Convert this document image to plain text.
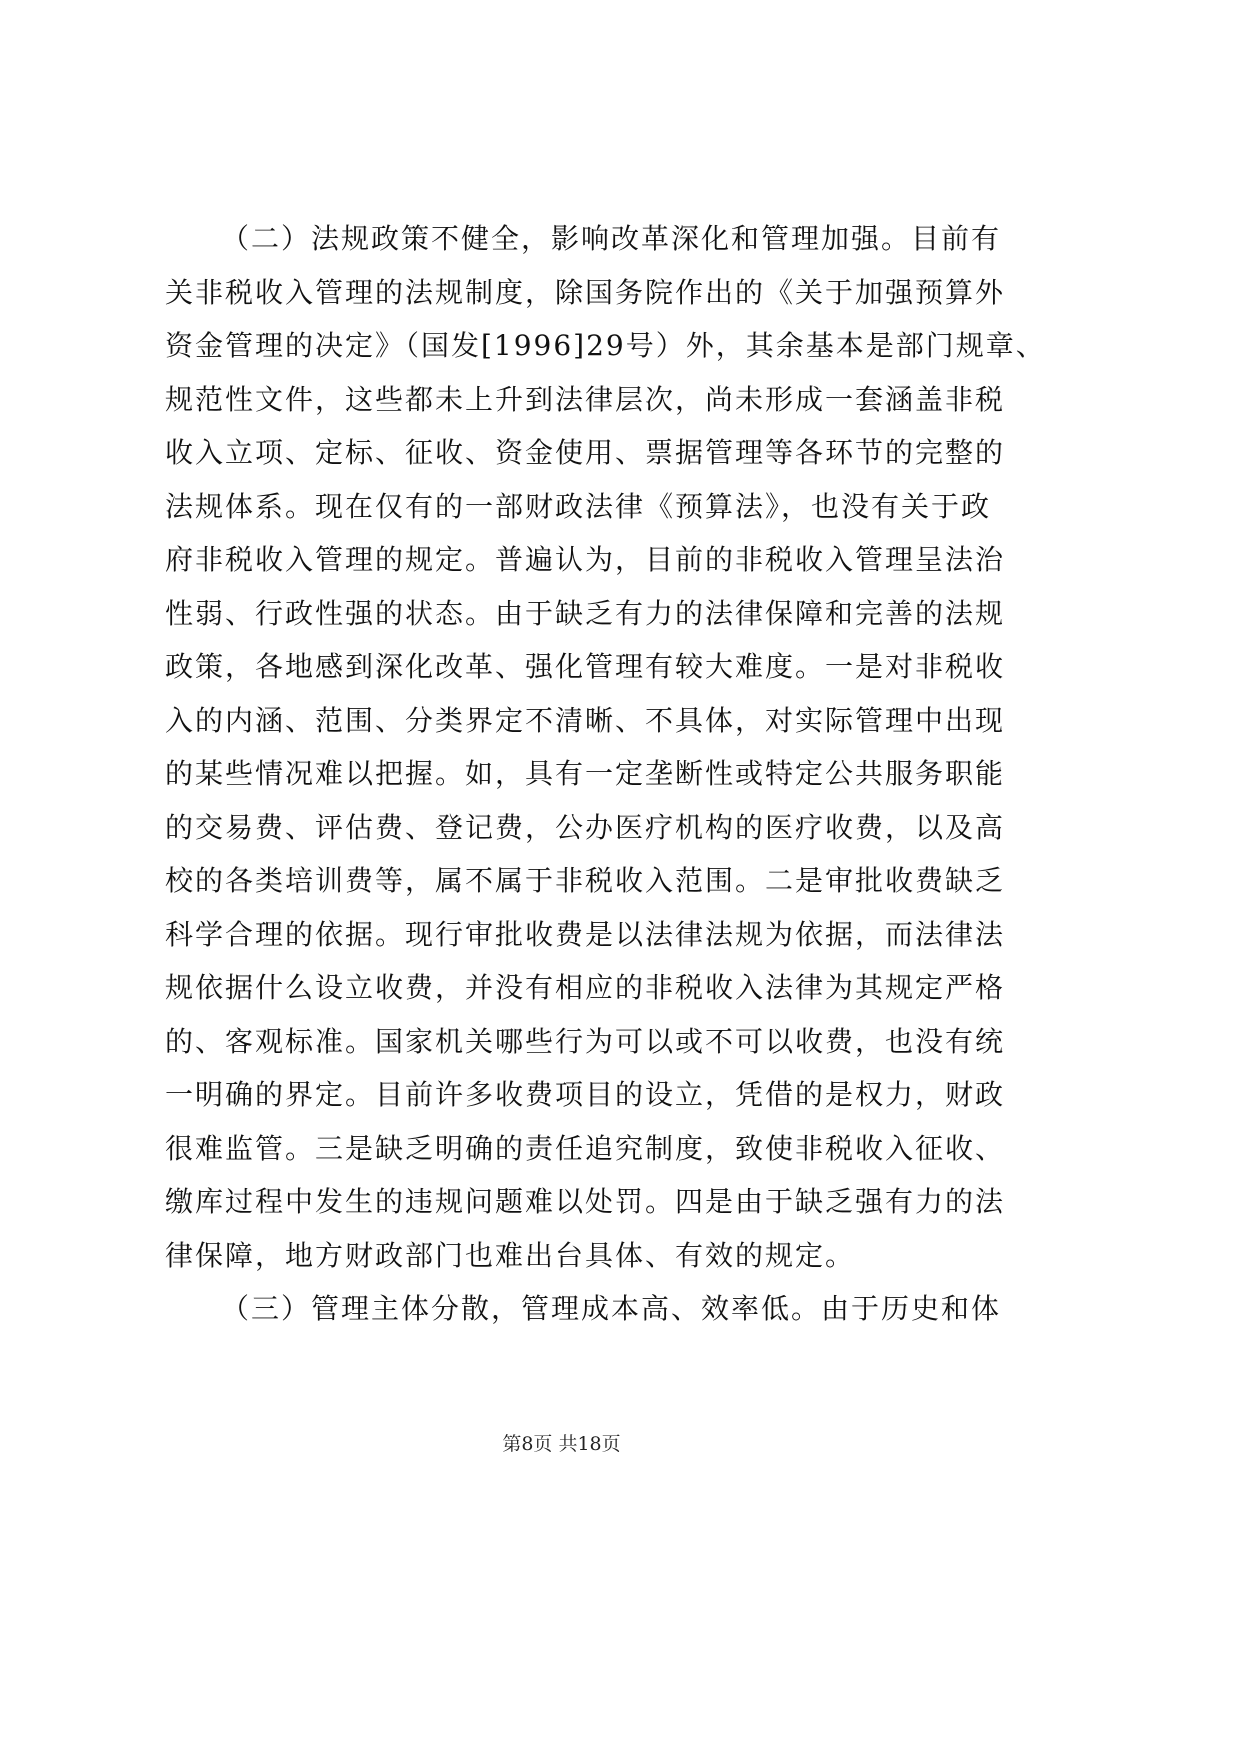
（二）法规政策不健全，影响改革深化和管理加强。目前有
关非税收入管理的法规制度，除国务院作出的《关于加强预算外
资金管理的决定》（国发[1996]29号）外，其余基本是部门规章、
规范性文件，这些都未上升到法律层次，尚未形成一套涵盖非税
收入立项、定标、征收、资金使用、票据管理等各环节的完整的
法规体系。现在仅有的一部财政法律《预算法》，也没有关于政
府非税收入管理的规定。普遍认为，目前的非税收入管理呈法治
性弱、行政性强的状态。由于缺乏有力的法律保障和完善的法规
政策，各地感到深化改革、强化管理有较大难度。一是对非税收
入的内涵、范围、分类界定不清晰、不具体，对实际管理中出现
的某些情况难以把握。如，具有一定垄断性或特定公共服务职能
的交易费、评估费、登记费，公办医疗机构的医疗收费，以及高
校的各类培训费等，属不属于非税收入范围。二是审批收费缺乏
科学合理的依据。现行审批收费是以法律法规为依据，而法律法
规依据什么设立收费，并没有相应的非税收入法律为其规定严格
的、客观标准。国家机关哪些行为可以或不可以收费，也没有统
一明确的界定。目前许多收费项目的设立，凭借的是权力，财政
很难监管。三是缺乏明确的责任追究制度，致使非税收入征收、
缴库过程中发生的违规问题难以处罚。四是由于缺乏强有力的法
律保障，地方财政部门也难出台具体、有效的规定。
（三）管理主体分散，管理成本高、效率低。由于历史和体
第8页 共18页
